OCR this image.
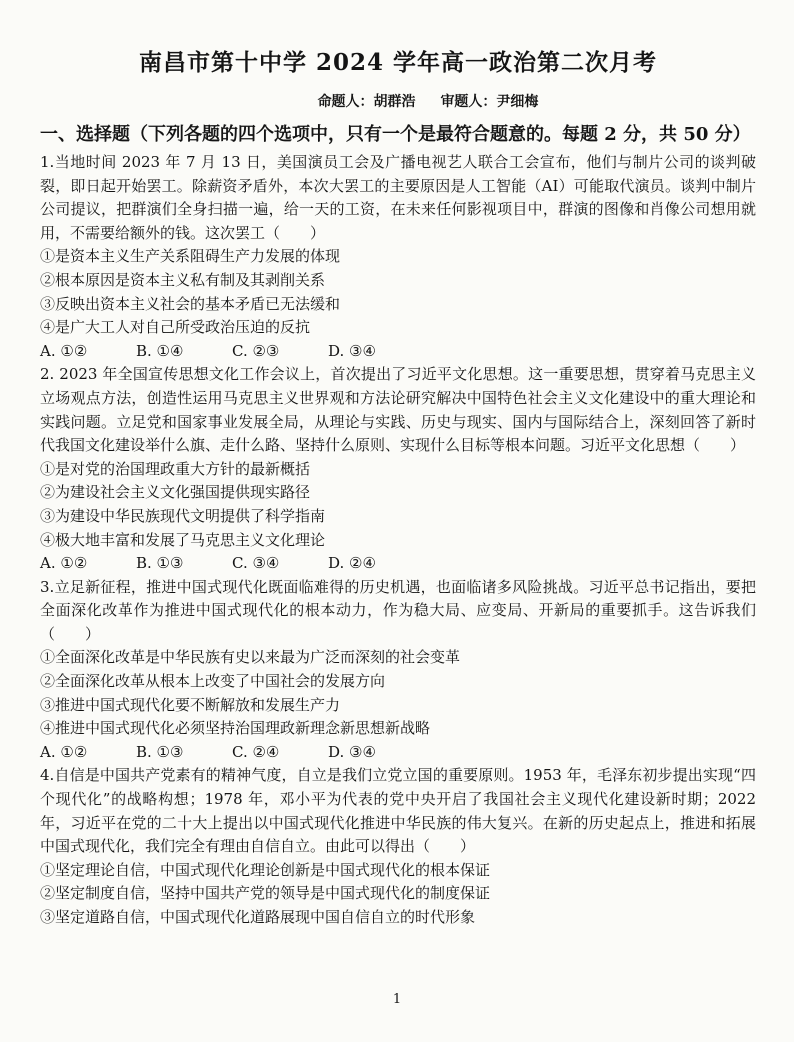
南昌市第十中学 2024 学年高一政治第二次月考
命题人：胡群浩 审题人：尹细梅
一、选择题（下列各题的四个选项中，只有一个是最符合题意的。每题 2 分，共 50 分）
1.当地时间 2023 年 7 月 13 日，美国演员工会及广播电视艺人联合工会宣布，他们与制片公司的谈判破裂，即日起开始罢工。除薪资矛盾外，本次大罢工的主要原因是人工智能（AI）可能取代演员。谈判中制片公司提议，把群演们全身扫描一遍，给一天的工资，在未来任何影视项目中，群演的图像和肖像公司想用就用，不需要给额外的钱。这次罢工（　　）
①是资本主义生产关系阻碍生产力发展的体现
②根本原因是资本主义私有制及其剥削关系
③反映出资本主义社会的基本矛盾已无法缓和
④是广大工人对自己所受政治压迫的反抗
A. ①②	B. ①④	C. ②③	D. ③④
2. 2023 年全国宣传思想文化工作会议上，首次提出了习近平文化思想。这一重要思想，贯穿着马克思主义立场观点方法，创造性运用马克思主义世界观和方法论研究解决中国特色社会主义文化建设中的重大理论和实践问题。立足党和国家事业发展全局，从理论与实践、历史与现实、国内与国际结合上，深刻回答了新时代我国文化建设举什么旗、走什么路、坚持什么原则、实现什么目标等根本问题。习近平文化思想（　　）
①是对党的治国理政重大方针的最新概括
②为建设社会主义文化强国提供现实路径
③为建设中华民族现代文明提供了科学指南
④极大地丰富和发展了马克思主义文化理论
A. ①②	B. ①③	C. ③④	D. ②④
3.立足新征程，推进中国式现代化既面临难得的历史机遇，也面临诸多风险挑战。习近平总书记指出，要把全面深化改革作为推进中国式现代化的根本动力，作为稳大局、应变局、开新局的重要抓手。这告诉我们（　　）
①全面深化改革是中华民族有史以来最为广泛而深刻的社会变革
②全面深化改革从根本上改变了中国社会的发展方向
③推进中国式现代化要不断解放和发展生产力
④推进中国式现代化必须坚持治国理政新理念新思想新战略
A. ①②	B. ①③	C. ②④	D. ③④
4.自信是中国共产党素有的精神气度，自立是我们立党立国的重要原则。1953 年，毛泽东初步提出实现“四个现代化”的战略构想；1978 年，邓小平为代表的党中央开启了我国社会主义现代化建设新时期；2022 年，习近平在党的二十大上提出以中国式现代化推进中华民族的伟大复兴。在新的历史起点上，推进和拓展中国式现代化，我们完全有理由自信自立。由此可以得出（　　）
①坚定理论自信，中国式现代化理论创新是中国式现代化的根本保证
②坚定制度自信，坚持中国共产党的领导是中国式现代化的制度保证
③坚定道路自信，中国式现代化道路展现中国自信自立的时代形象
1
